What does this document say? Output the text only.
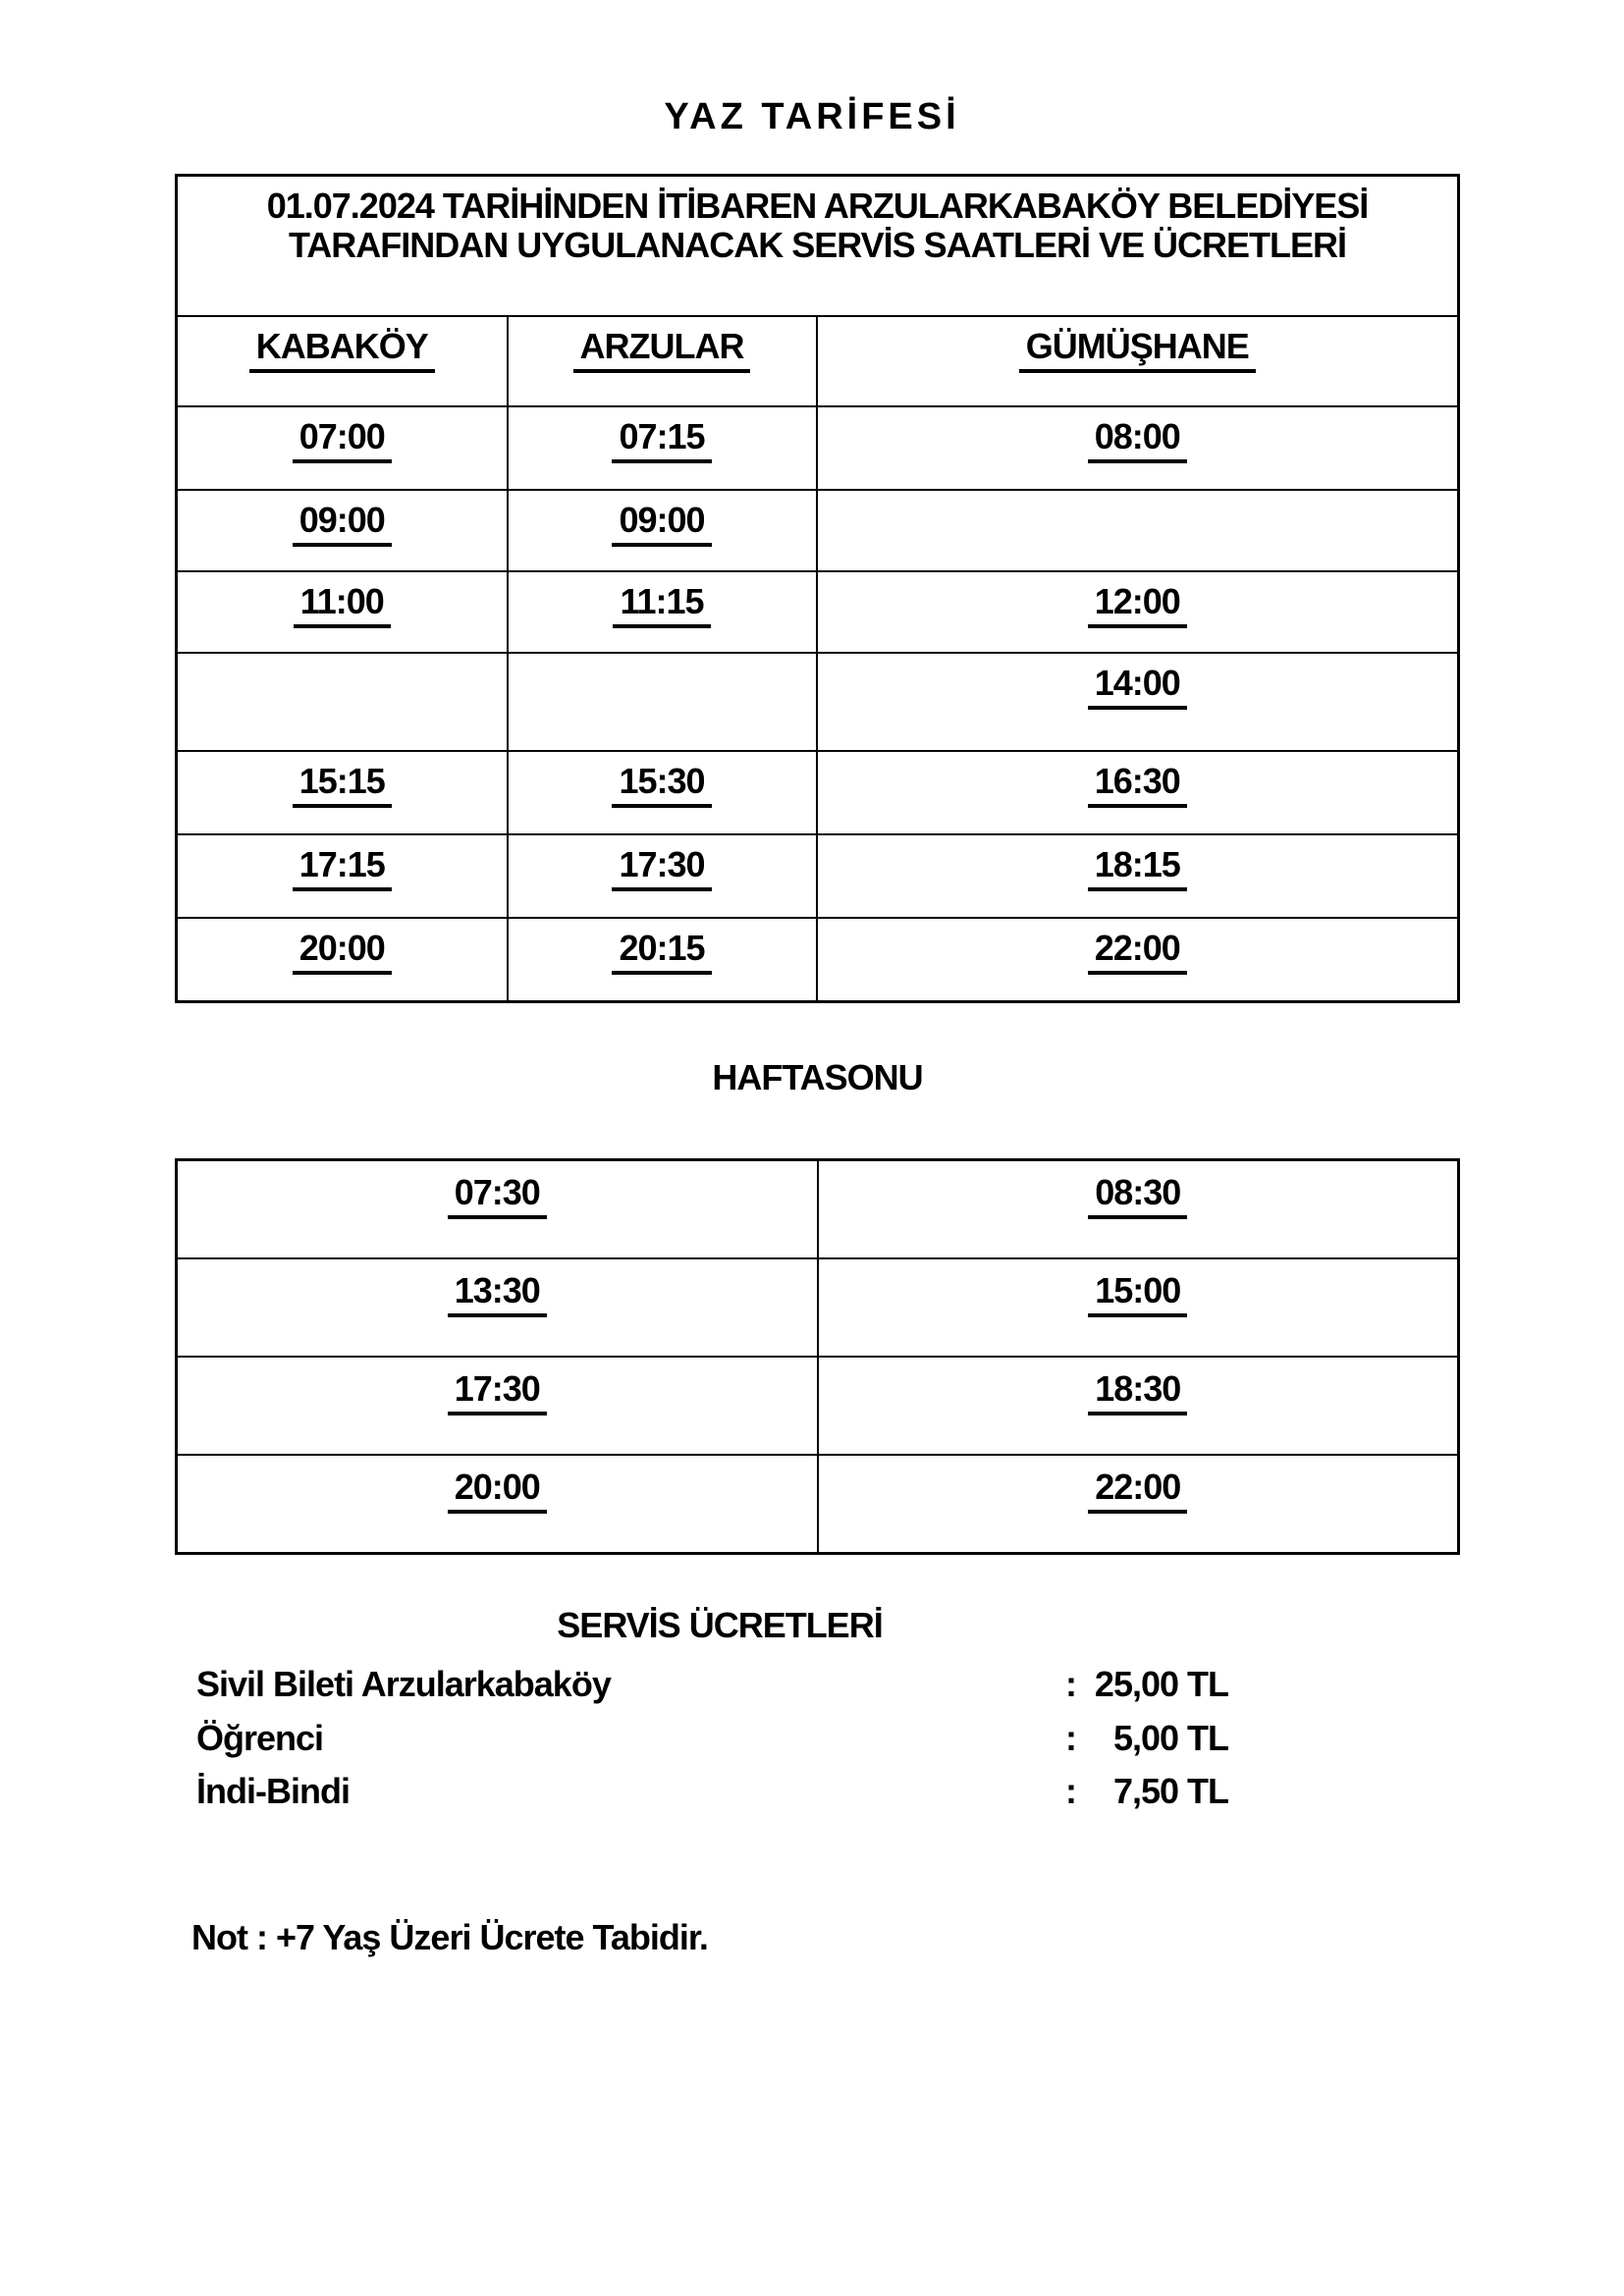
YAZ TARİFESİ
01.07.2024 TARİHİNDEN İTİBAREN ARZULARKABAKÖY BELEDİYESİ
TARAFINDAN UYGULANACAK SERVİS SAATLERİ VE ÜCRETLERİ		

KABAKÖY	ARZULAR	GÜMÜŞHANE
07:00	07:15	08:00
09:00	09:00	
11:00	11:15	12:00
		14:00
15:15	15:30	16:30
17:15	17:30	18:15
20:00	20:15	22:00
HAFTASONU
07:30	08:30
13:30	15:00
17:30	18:30
20:00	22:00
SERVİS ÜCRETLERİ
Sivil Bileti Arzularkabaköy	: 25,00 TL
Öğrenci	: 5,00 TL
İndi-Bindi	: 7,50 TL
Not : +7 Yaş Üzeri Ücrete Tabidir.
